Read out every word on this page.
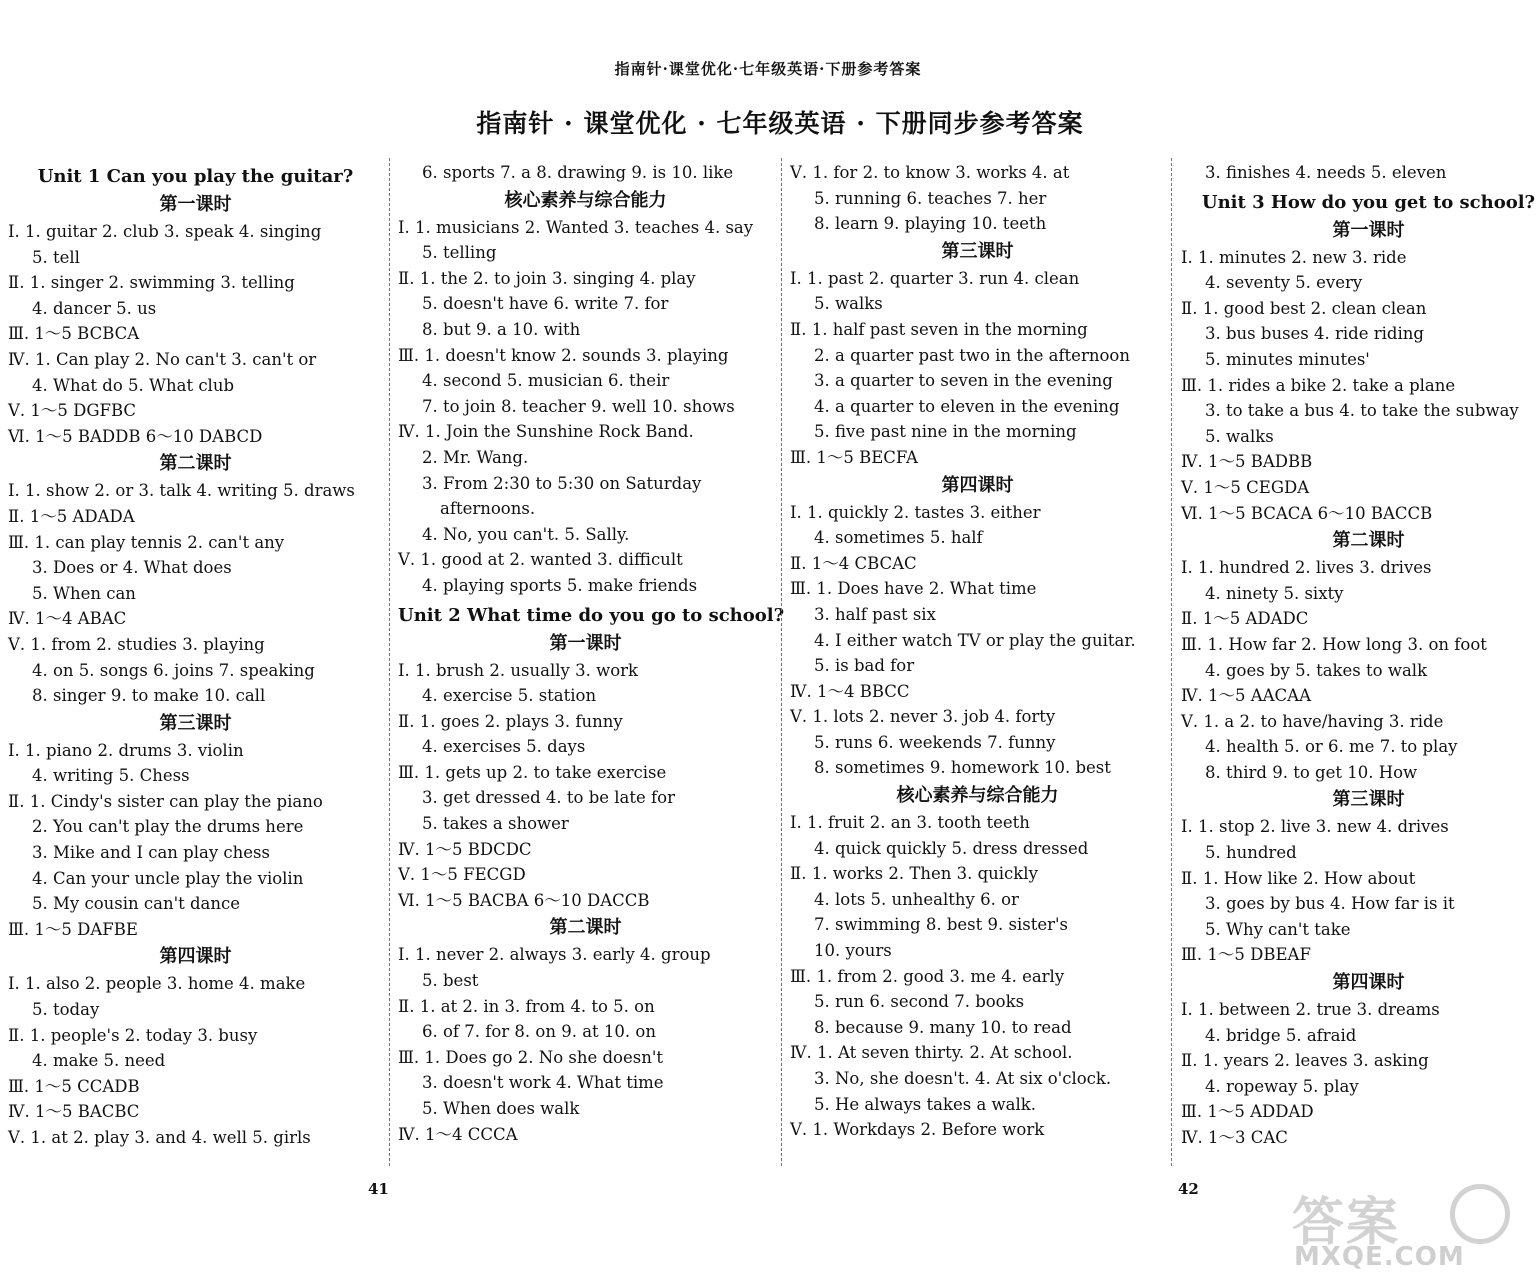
指南针·课堂优化·七年级英语·下册参考答案
指南针 · 课堂优化 · 七年级英语 · 下册同步参考答案
Unit 1 Can you play the guitar?
第一课时
Ⅰ. 1. guitar 2. club 3. speak 4. singing
5. tell
Ⅱ. 1. singer 2. swimming 3. telling
4. dancer 5. us
Ⅲ. 1～5 BCBCA
Ⅳ. 1. Can play 2. No can't 3. can't or
4. What do 5. What club
Ⅴ. 1～5 DGFBC
Ⅵ. 1～5 BADDB 6～10 DABCD
第二课时
Ⅰ. 1. show 2. or 3. talk 4. writing 5. draws
Ⅱ. 1～5 ADADA
Ⅲ. 1. can play tennis 2. can't any
3. Does or 4. What does
5. When can
Ⅳ. 1～4 ABAC
Ⅴ. 1. from 2. studies 3. playing
4. on 5. songs 6. joins 7. speaking
8. singer 9. to make 10. call
第三课时
Ⅰ. 1. piano 2. drums 3. violin
4. writing 5. Chess
Ⅱ. 1. Cindy's sister can play the piano
2. You can't play the drums here
3. Mike and I can play chess
4. Can your uncle play the violin
5. My cousin can't dance
Ⅲ. 1～5 DAFBE
第四课时
Ⅰ. 1. also 2. people 3. home 4. make
5. today
Ⅱ. 1. people's 2. today 3. busy
4. make 5. need
Ⅲ. 1～5 CCADB
Ⅳ. 1～5 BACBC
Ⅴ. 1. at 2. play 3. and 4. well 5. girls
6. sports 7. a 8. drawing 9. is 10. like
核心素养与综合能力
Ⅰ. 1. musicians 2. Wanted 3. teaches 4. say
5. telling
Ⅱ. 1. the 2. to join 3. singing 4. play
5. doesn't have 6. write 7. for
8. but 9. a 10. with
Ⅲ. 1. doesn't know 2. sounds 3. playing
4. second 5. musician 6. their
7. to join 8. teacher 9. well 10. shows
Ⅳ. 1. Join the Sunshine Rock Band.
2. Mr. Wang.
3. From 2:30 to 5:30 on Saturday
afternoons.
4. No, you can't. 5. Sally.
Ⅴ. 1. good at 2. wanted 3. difficult
4. playing sports 5. make friends
Unit 2 What time do you go to school?
第一课时
Ⅰ. 1. brush 2. usually 3. work
4. exercise 5. station
Ⅱ. 1. goes 2. plays 3. funny
4. exercises 5. days
Ⅲ. 1. gets up 2. to take exercise
3. get dressed 4. to be late for
5. takes a shower
Ⅳ. 1～5 BDCDC
Ⅴ. 1～5 FECGD
Ⅵ. 1～5 BACBA 6～10 DACCB
第二课时
Ⅰ. 1. never 2. always 3. early 4. group
5. best
Ⅱ. 1. at 2. in 3. from 4. to 5. on
6. of 7. for 8. on 9. at 10. on
Ⅲ. 1. Does go 2. No she doesn't
3. doesn't work 4. What time
5. When does walk
Ⅳ. 1～4 CCCA
Ⅴ. 1. for 2. to know 3. works 4. at
5. running 6. teaches 7. her
8. learn 9. playing 10. teeth
第三课时
Ⅰ. 1. past 2. quarter 3. run 4. clean
5. walks
Ⅱ. 1. half past seven in the morning
2. a quarter past two in the afternoon
3. a quarter to seven in the evening
4. a quarter to eleven in the evening
5. five past nine in the morning
Ⅲ. 1～5 BECFA
第四课时
Ⅰ. 1. quickly 2. tastes 3. either
4. sometimes 5. half
Ⅱ. 1～4 CBCAC
Ⅲ. 1. Does have 2. What time
3. half past six
4. I either watch TV or play the guitar.
5. is bad for
Ⅳ. 1～4 BBCC
Ⅴ. 1. lots 2. never 3. job 4. forty
5. runs 6. weekends 7. funny
8. sometimes 9. homework 10. best
核心素养与综合能力
Ⅰ. 1. fruit 2. an 3. tooth teeth
4. quick quickly 5. dress dressed
Ⅱ. 1. works 2. Then 3. quickly
4. lots 5. unhealthy 6. or
7. swimming 8. best 9. sister's
10. yours
Ⅲ. 1. from 2. good 3. me 4. early
5. run 6. second 7. books
8. because 9. many 10. to read
Ⅳ. 1. At seven thirty. 2. At school.
3. No, she doesn't. 4. At six o'clock.
5. He always takes a walk.
Ⅴ. 1. Workdays 2. Before work
3. finishes 4. needs 5. eleven
Unit 3 How do you get to school?
第一课时
Ⅰ. 1. minutes 2. new 3. ride
4. seventy 5. every
Ⅱ. 1. good best 2. clean clean
3. bus buses 4. ride riding
5. minutes minutes'
Ⅲ. 1. rides a bike 2. take a plane
3. to take a bus 4. to take the subway
5. walks
Ⅳ. 1～5 BADBB
Ⅴ. 1～5 CEGDA
Ⅵ. 1～5 BCACA 6～10 BACCB
第二课时
Ⅰ. 1. hundred 2. lives 3. drives
4. ninety 5. sixty
Ⅱ. 1～5 ADADC
Ⅲ. 1. How far 2. How long 3. on foot
4. goes by 5. takes to walk
Ⅳ. 1～5 AACAA
Ⅴ. 1. a 2. to have/having 3. ride
4. health 5. or 6. me 7. to play
8. third 9. to get 10. How
第三课时
Ⅰ. 1. stop 2. live 3. new 4. drives
5. hundred
Ⅱ. 1. How like 2. How about
3. goes by bus 4. How far is it
5. Why can't take
Ⅲ. 1～5 DBEAF
第四课时
Ⅰ. 1. between 2. true 3. dreams
4. bridge 5. afraid
Ⅱ. 1. years 2. leaves 3. asking
4. ropeway 5. play
Ⅲ. 1～5 ADDAD
Ⅳ. 1～3 CAC
41	42
答案
MXQE.COM
